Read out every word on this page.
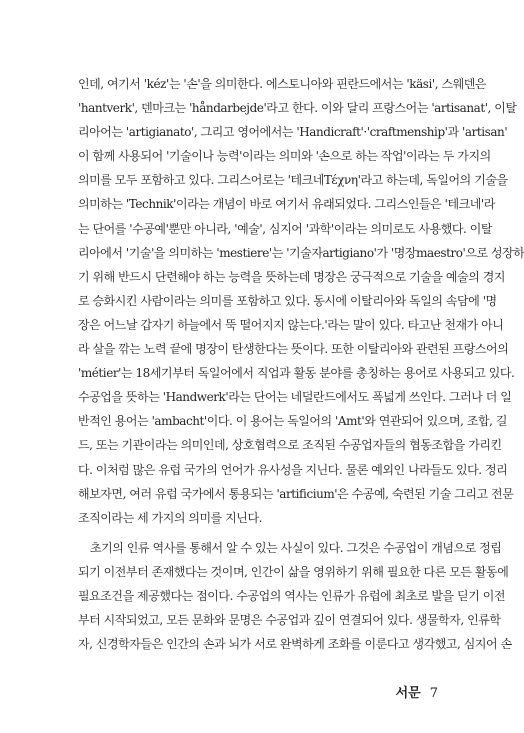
인데, 여기서 'kéz'는 '손'을 의미한다. 에스토니아와 핀란드에서는 'käsi', 스웨덴은
'hantverk', 덴마크는 'håndarbejde'라고 한다. 이와 달리 프랑스어는 'artisanat', 이탈
리아어는 'artigianato', 그리고 영어에서는 'Handicraft'·'craftmenship'과 'artisan'
이 함께 사용되어 '기술이나 능력'이라는 의미와 '손으로 하는 작업'이라는 두 가지의
의미를 모두 포함하고 있다. 그리스어로는 '테크네Τέχνη'라고 하는데, 독일어의 기술을
의미하는 'Technik'이라는 개념이 바로 여기서 유래되었다. 그리스인들은 '테크네'라
는 단어를 '수공예'뿐만 아니라, '예술', 심지어 '과학'이라는 의미로도 사용했다. 이탈
리아에서 '기술'을 의미하는 'mestiere'는 '기술자artigiano'가 '명장maestro'으로 성장하
기 위해 반드시 단련해야 하는 능력을 뜻하는데 명장은 궁극적으로 기술을 예술의 경지
로 승화시킨 사람이라는 의미를 포함하고 있다. 동시에 이탈리아와 독일의 속담에 '명
장은 어느날 갑자기 하늘에서 뚝 떨어지지 않는다.'라는 말이 있다. 타고난 천재가 아니
라 살을 깎는 노력 끝에 명장이 탄생한다는 뜻이다. 또한 이탈리아와 관련된 프랑스어의
'métier'는 18세기부터 독일어에서 직업과 활동 분야를 총칭하는 용어로 사용되고 있다.
수공업을 뜻하는 'Handwerk'라는 단어는 네덜란드에서도 폭넓게 쓰인다. 그러나 더 일
반적인 용어는 'ambacht'이다. 이 용어는 독일어의 'Amt'와 연관되어 있으며, 조합, 길
드, 또는 기관이라는 의미인데, 상호협력으로 조직된 수공업자들의 협동조합을 가리킨
다. 이처럼 많은 유럽 국가의 언어가 유사성을 지닌다. 물론 예외인 나라들도 있다. 정리
해보자면, 여러 유럽 국가에서 통용되는 'artificium'은 수공예, 숙련된 기술 그리고 전문
조직이라는 세 가지의 의미를 지닌다.
초기의 인류 역사를 통해서 알 수 있는 사실이 있다. 그것은 수공업이 개념으로 정립
되기 이전부터 존재했다는 것이며, 인간이 삶을 영위하기 위해 필요한 다른 모든 활동에
필요조건을 제공했다는 점이다. 수공업의 역사는 인류가 유럽에 최초로 발을 딛기 이전
부터 시작되었고, 모든 문화와 문명은 수공업과 깊이 연결되어 있다. 생물학자, 인류학
자, 신경학자들은 인간의 손과 뇌가 서로 완벽하게 조화를 이룬다고 생각했고, 심지어 손
서문 7
